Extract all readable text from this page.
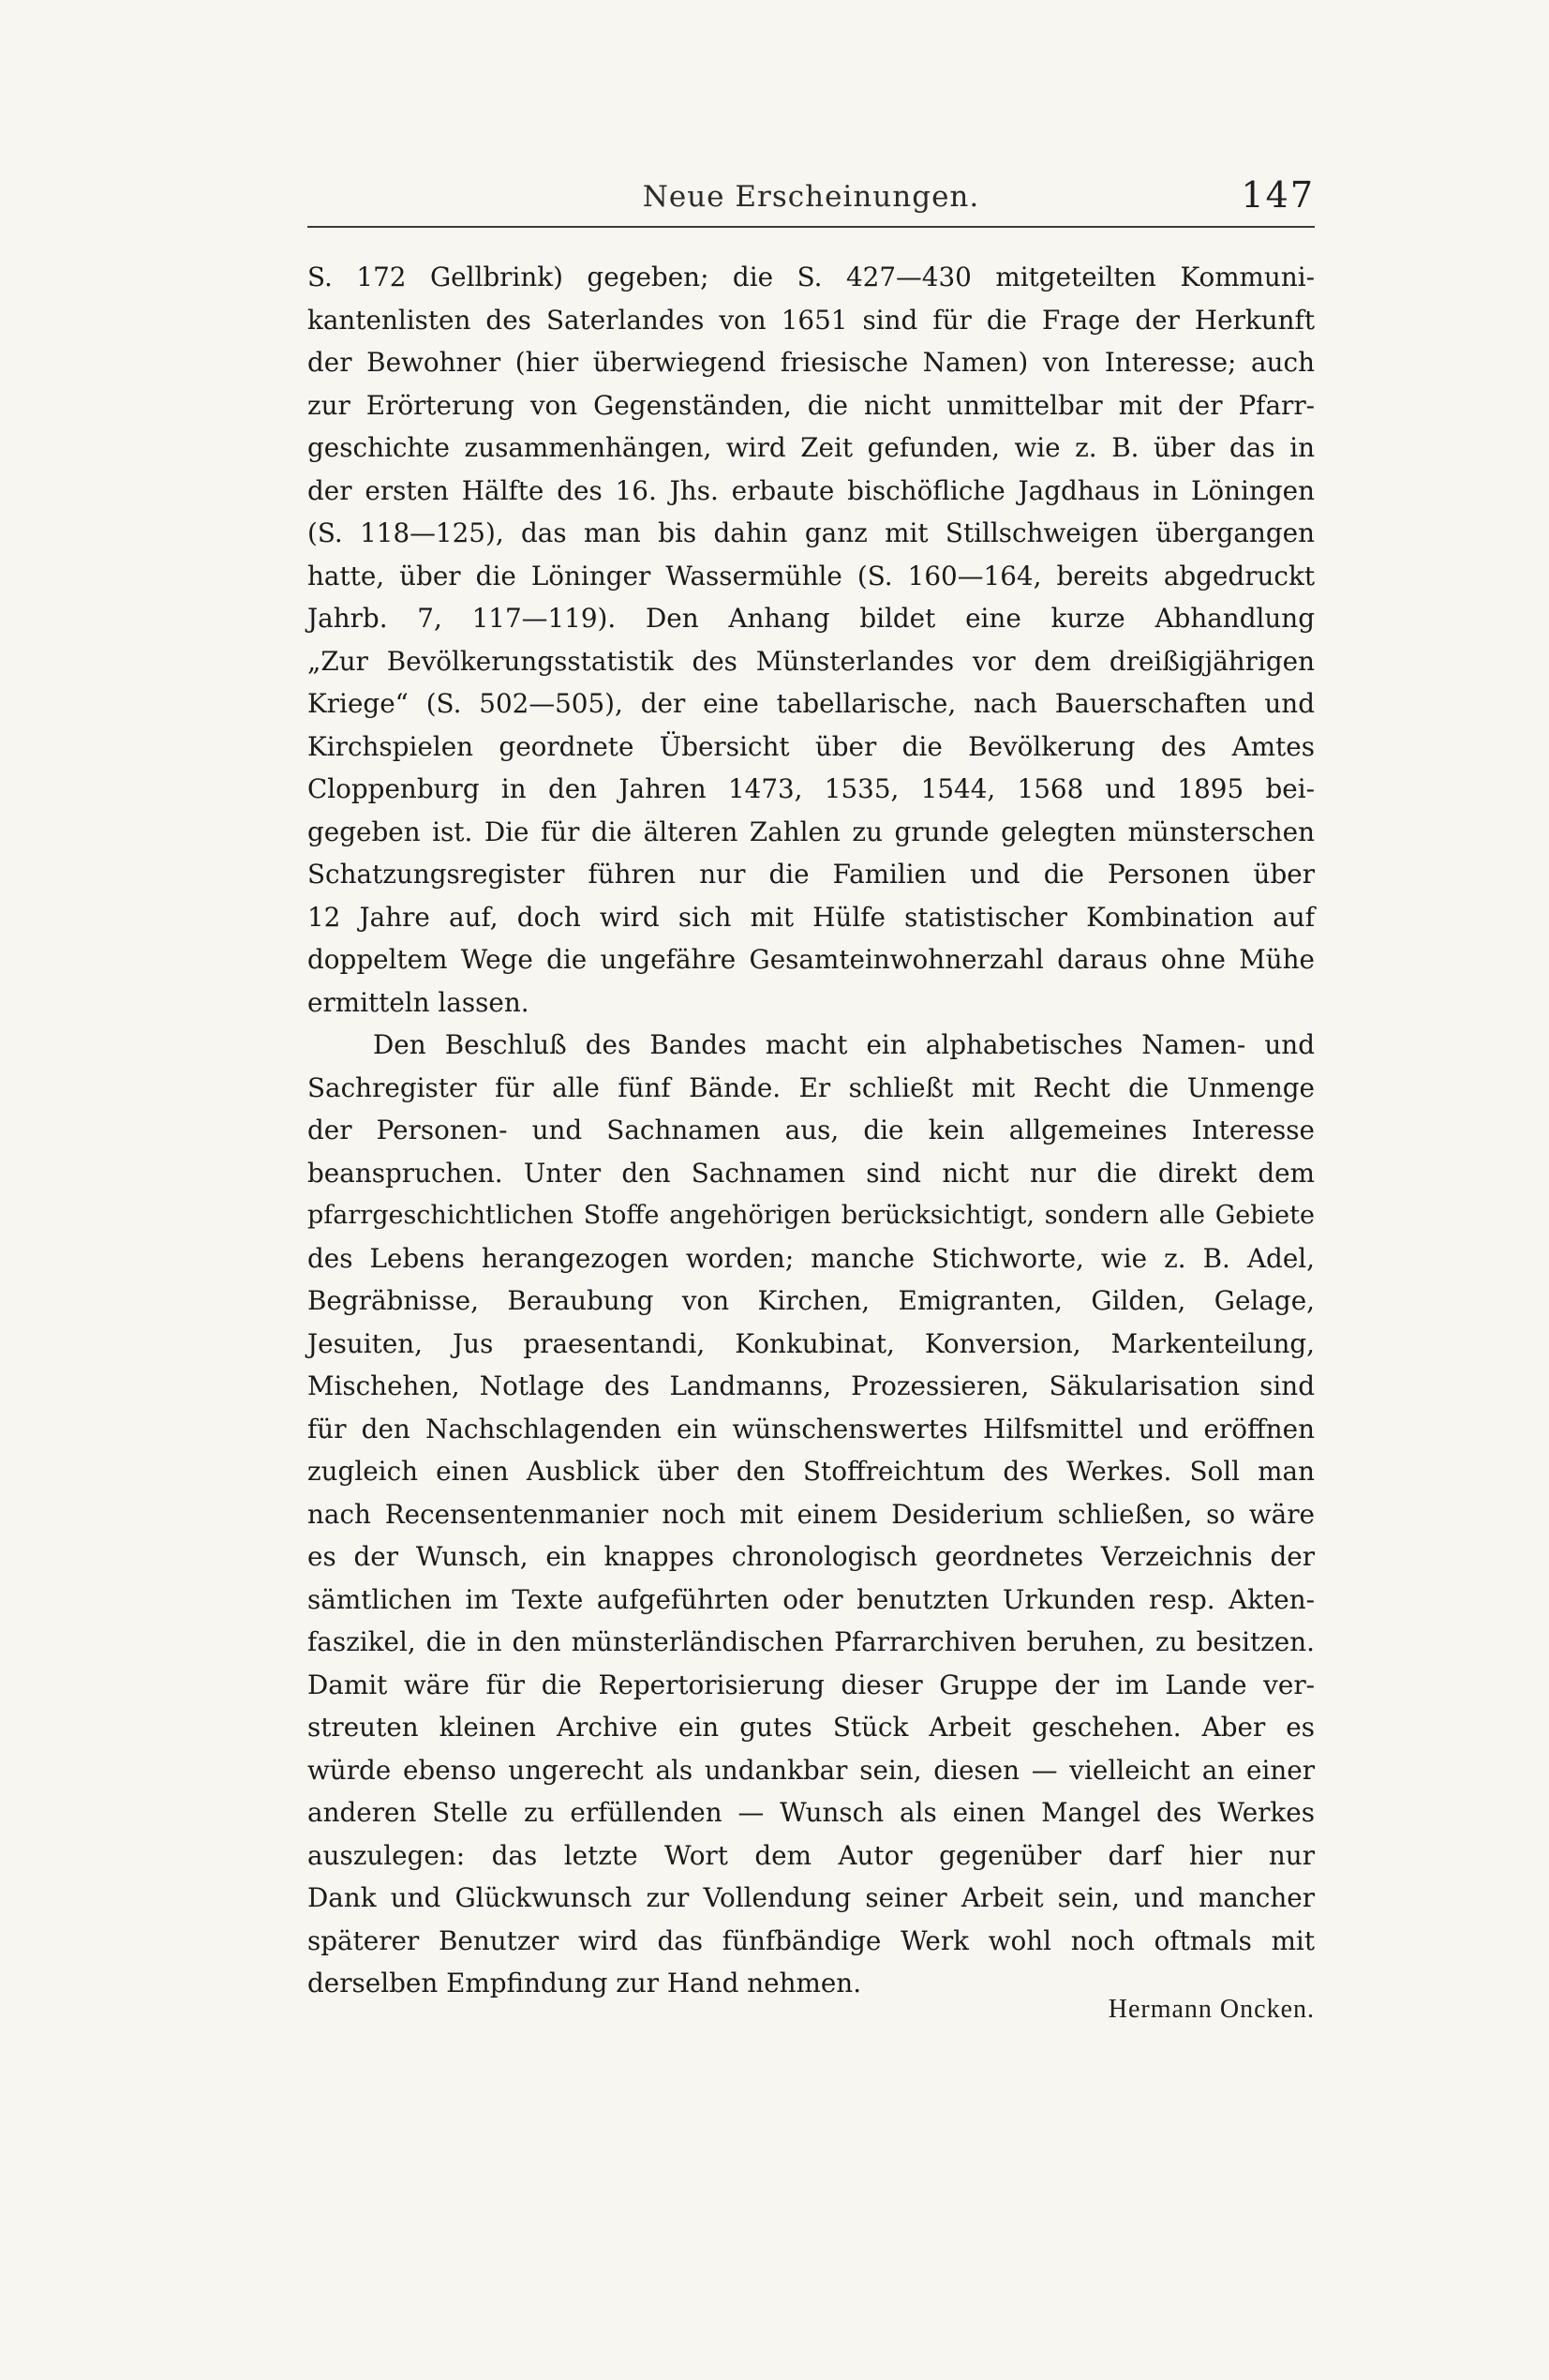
Neue Erscheinungen.	147
S. 172 Gellbrink) gegeben; die S. 427—430 mitgeteilten Kommuni-
kantenlisten des Saterlandes von 1651 sind für die Frage der Herkunft
der Bewohner (hier überwiegend friesische Namen) von Interesse; auch
zur Erörterung von Gegenständen, die nicht unmittelbar mit der Pfarr-
geschichte zusammenhängen, wird Zeit gefunden, wie z. B. über das in
der ersten Hälfte des 16. Jhs. erbaute bischöfliche Jagdhaus in Löningen
(S. 118—125), das man bis dahin ganz mit Stillschweigen übergangen
hatte, über die Löninger Wassermühle (S. 160—164, bereits abgedruckt
Jahrb. 7, 117—119). Den Anhang bildet eine kurze Abhandlung
„Zur Bevölkerungsstatistik des Münsterlandes vor dem dreißigjährigen
Kriege“ (S. 502—505), der eine tabellarische, nach Bauerschaften und
Kirchspielen geordnete Übersicht über die Bevölkerung des Amtes
Cloppenburg in den Jahren 1473, 1535, 1544, 1568 und 1895 bei-
gegeben ist. Die für die älteren Zahlen zu grunde gelegten münsterschen
Schatzungsregister führen nur die Familien und die Personen über
12 Jahre auf, doch wird sich mit Hülfe statistischer Kombination auf
doppeltem Wege die ungefähre Gesamteinwohnerzahl daraus ohne Mühe
ermitteln lassen.
Den Beschluß des Bandes macht ein alphabetisches Namen- und
Sachregister für alle fünf Bände. Er schließt mit Recht die Unmenge
der Personen- und Sachnamen aus, die kein allgemeines Interesse
beanspruchen. Unter den Sachnamen sind nicht nur die direkt dem
pfarrgeschichtlichen Stoffe angehörigen berücksichtigt, sondern alle Gebiete
des Lebens herangezogen worden; manche Stichworte, wie z. B. Adel,
Begräbnisse, Beraubung von Kirchen, Emigranten, Gilden, Gelage,
Jesuiten, Jus praesentandi, Konkubinat, Konversion, Markenteilung,
Mischehen, Notlage des Landmanns, Prozessieren, Säkularisation sind
für den Nachschlagenden ein wünschenswertes Hilfsmittel und eröffnen
zugleich einen Ausblick über den Stoffreichtum des Werkes. Soll man
nach Recensentenmanier noch mit einem Desiderium schließen, so wäre
es der Wunsch, ein knappes chronologisch geordnetes Verzeichnis der
sämtlichen im Texte aufgeführten oder benutzten Urkunden resp. Akten-
faszikel, die in den münsterländischen Pfarrarchiven beruhen, zu besitzen.
Damit wäre für die Repertorisierung dieser Gruppe der im Lande ver-
streuten kleinen Archive ein gutes Stück Arbeit geschehen. Aber es
würde ebenso ungerecht als undankbar sein, diesen — vielleicht an einer
anderen Stelle zu erfüllenden — Wunsch als einen Mangel des Werkes
auszulegen: das letzte Wort dem Autor gegenüber darf hier nur
Dank und Glückwunsch zur Vollendung seiner Arbeit sein, und mancher
späterer Benutzer wird das fünfbändige Werk wohl noch oftmals mit
derselben Empfindung zur Hand nehmen.
Hermann Oncken.
